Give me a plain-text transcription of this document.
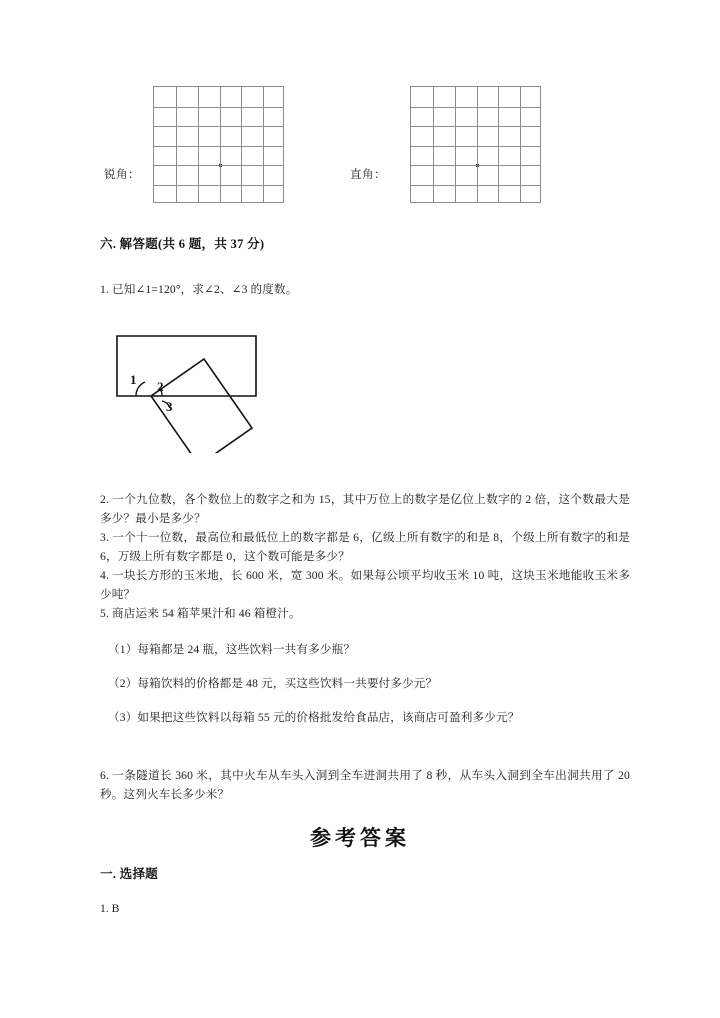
锐角：	直角：
六. 解答题(共 6 题，共 37 分)
1. 已知∠1=120°，求∠2、∠3 的度数。
1 2
3
2. 一个九位数，各个数位上的数字之和为 15，其中万位上的数字是亿位上数字的 2 倍，这个数最大是多少？最小是多少？
3. 一个十一位数，最高位和最低位上的数字都是 6，亿级上所有数字的和是 8，个级上所有数字的和是 6，万级上所有数字都是 0，这个数可能是多少？
4. 一块长方形的玉米地，长 600 米，宽 300 米。如果每公顷平均收玉米 10 吨，这块玉米地能收玉米多少吨？
5. 商店运来 54 箱苹果汁和 46 箱橙汁。
（1）每箱都是 24 瓶，这些饮料一共有多少瓶？
（2）每箱饮料的价格都是 48 元，买这些饮料一共要付多少元？
（3）如果把这些饮料以每箱 55 元的价格批发给食品店，该商店可盈利多少元？
6. 一条隧道长 360 米，其中火车从车头入洞到全车进洞共用了 8 秒，从车头入洞到全车出洞共用了 20 秒。这列火车长多少米？
参考答案
一. 选择题
1. B
